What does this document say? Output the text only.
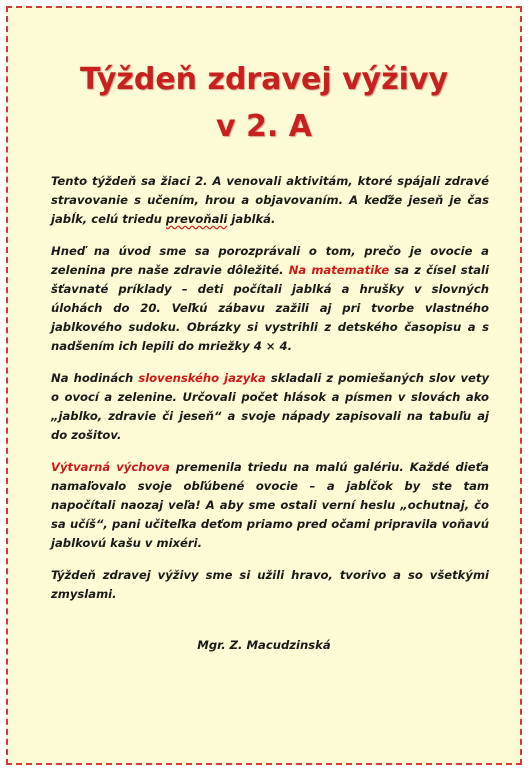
Týždeň zdravej výživy
v 2. A

Tento týždeň sa žiaci 2. A venovali aktivitám, ktoré spájali zdravé stravovanie s učením, hrou a objavovaním. A keďže jeseň je čas jabĺk, celú triedu prevoňali jablká.

Hneď na úvod sme sa porozprávali o tom, prečo je ovocie a zelenina pre naše zdravie dôležité. Na matematike sa z čísel stali šťavnaté príklady – deti počítali jablká a hrušky v slovných úlohách do 20. Veľkú zábavu zažili aj pri tvorbe vlastného jablkového sudoku. Obrázky si vystrihli z detského časopisu a s nadšením ich lepili do mriežky 4 × 4.

Na hodinách slovenského jazyka skladali z pomiešaných slov vety o ovocí a zelenine. Určovali počet hlások a písmen v slovách ako „jablko, zdravie či jeseň“ a svoje nápady zapisovali na tabuľu aj do zošitov.

Výtvarná výchova premenila triedu na malú galériu. Každé dieťa namaľovalo svoje obľúbené ovocie – a jabĺčok by ste tam napočítali naozaj veľa! A aby sme ostali verní heslu „ochutnaj, čo sa učíš“, pani učiteľka deťom priamo pred očami pripravila voňavú jablkovú kašu v mixéri.

Týždeň zdravej výživy sme si užili hravo, tvorivo a so všetkými zmyslami.

Mgr. Z. Macudzinská
